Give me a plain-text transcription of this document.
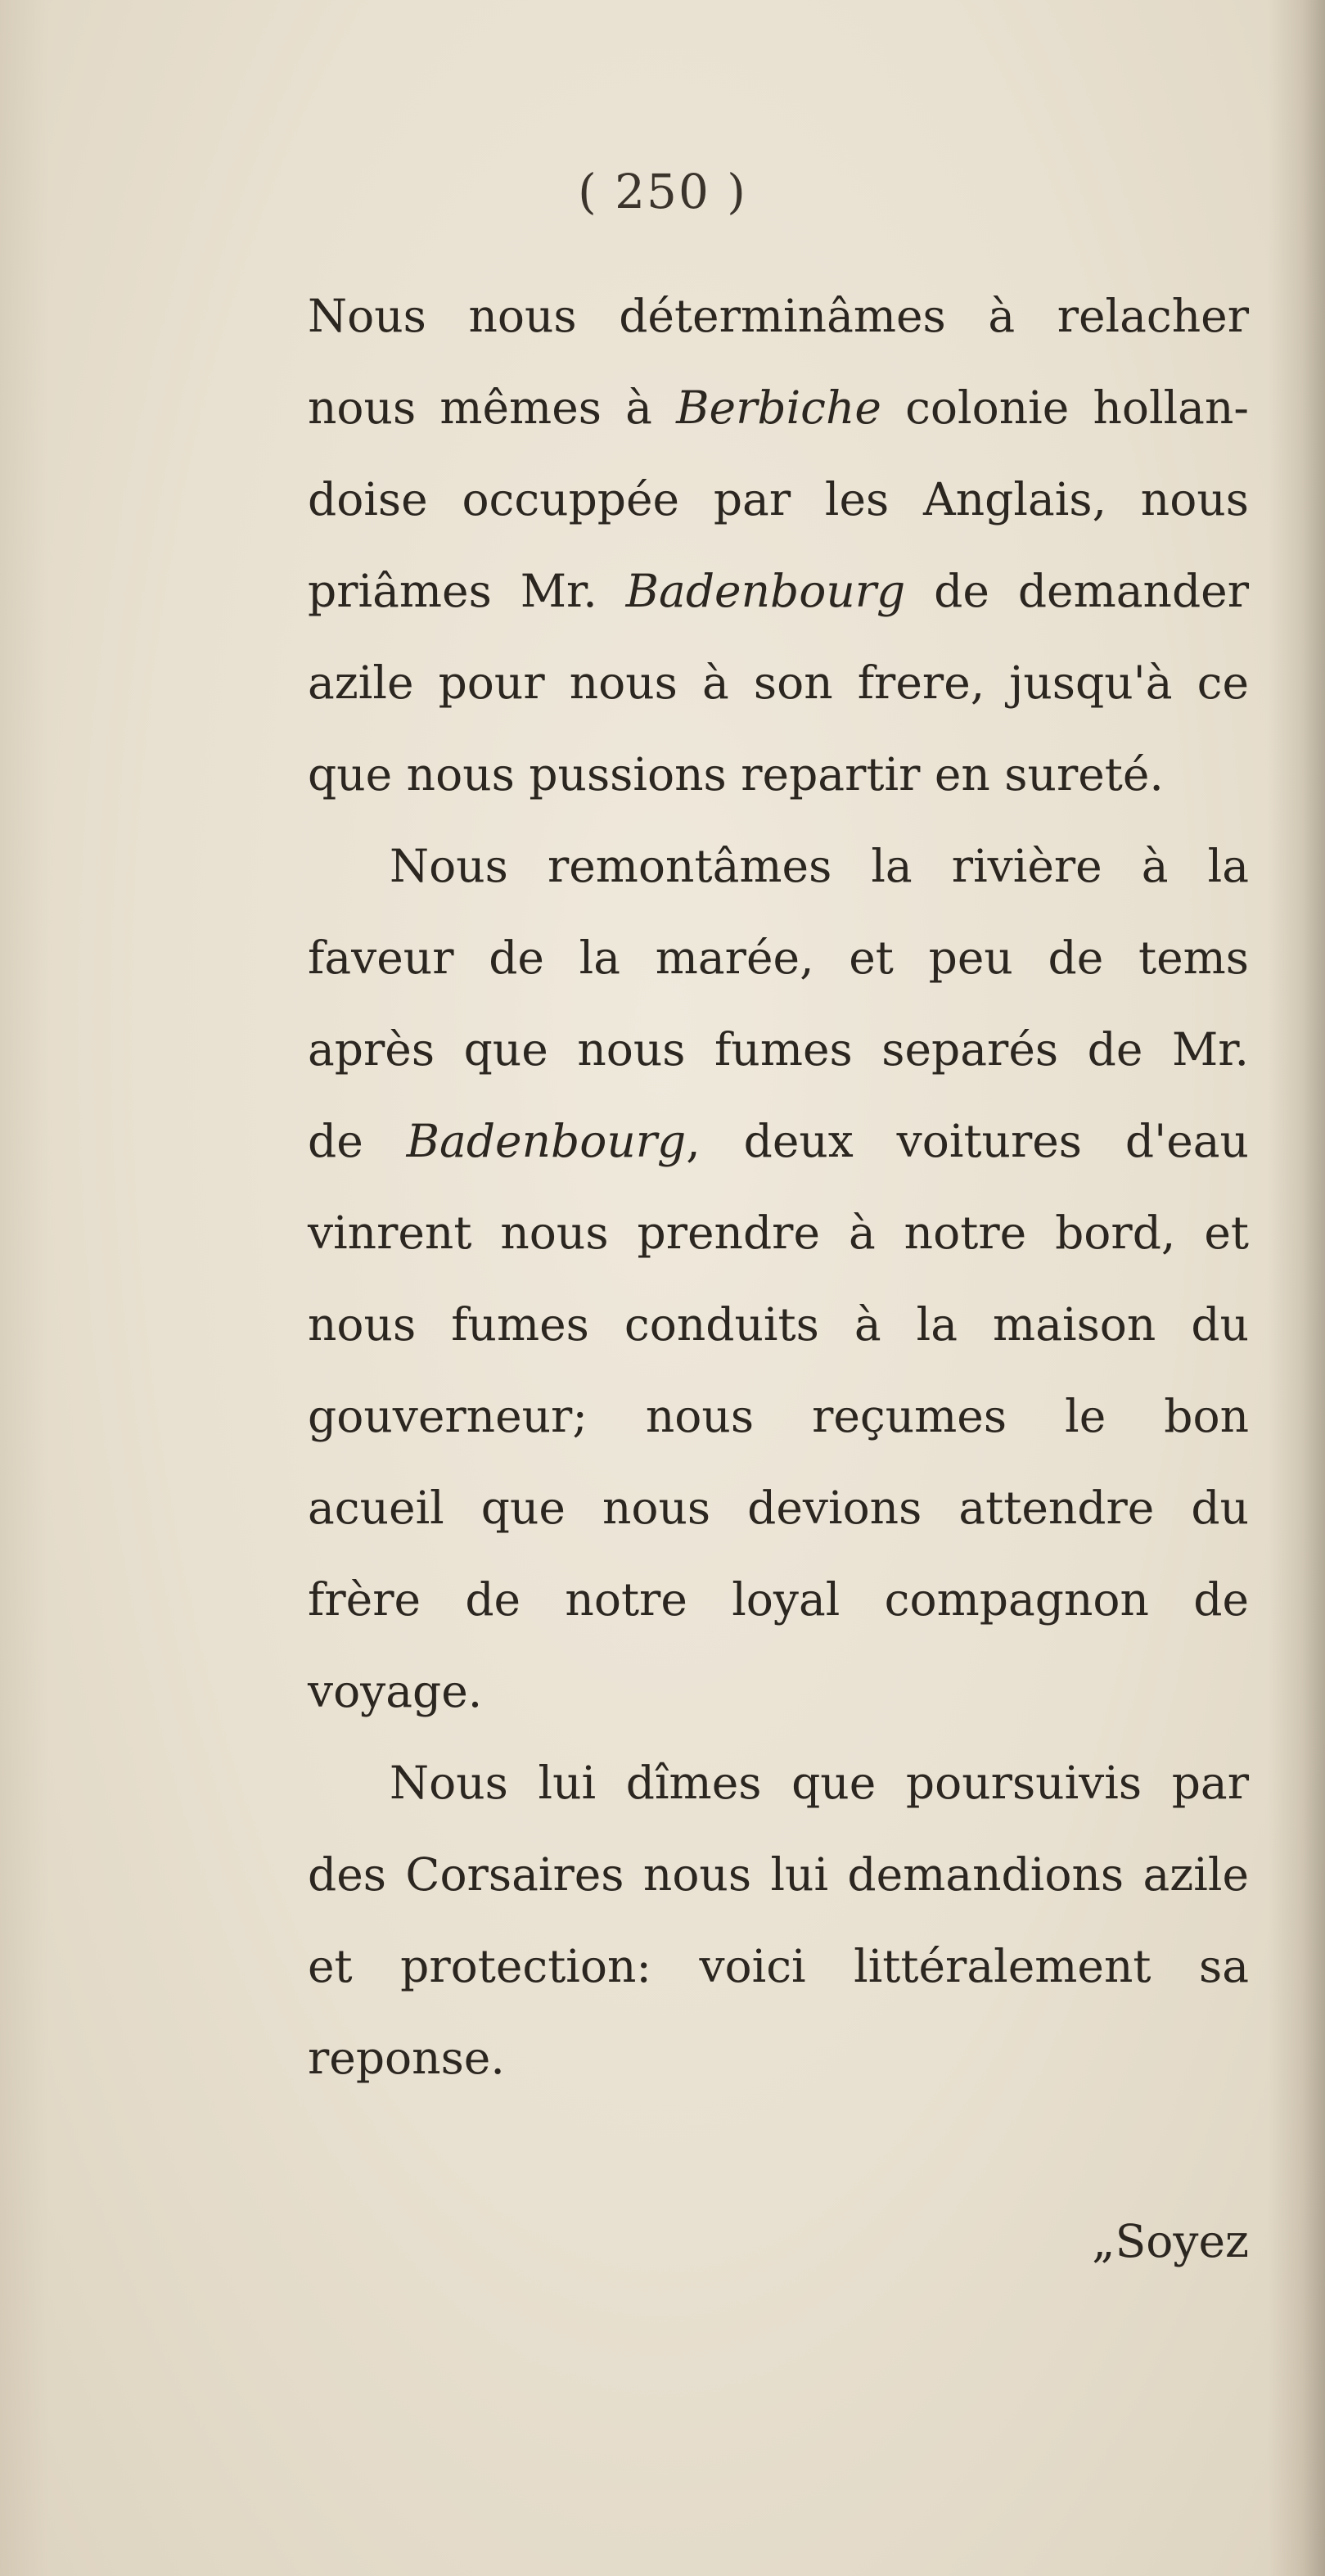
( 250 )
Nous nous déterminâmes à relacher
nous mêmes à Berbiche colonie hollan-
doise occuppée par les Anglais, nous
priâmes Mr. Badenbourg de demander
azile pour nous à son frere, jusqu'à ce
que nous pussions repartir en sureté.
Nous remontâmes la rivière à la
faveur de la marée, et peu de tems
après que nous fumes separés de Mr.
de Badenbourg, deux voitures d'eau
vinrent nous prendre à notre bord, et
nous fumes conduits à la maison du
gouverneur; nous reçumes le bon
acueil que nous devions attendre du
frère de notre loyal compagnon de
voyage.
Nous lui dîmes que poursuivis par
des Corsaires nous lui demandions azile
et protection: voici littéralement sa
reponse.
„Soyez
